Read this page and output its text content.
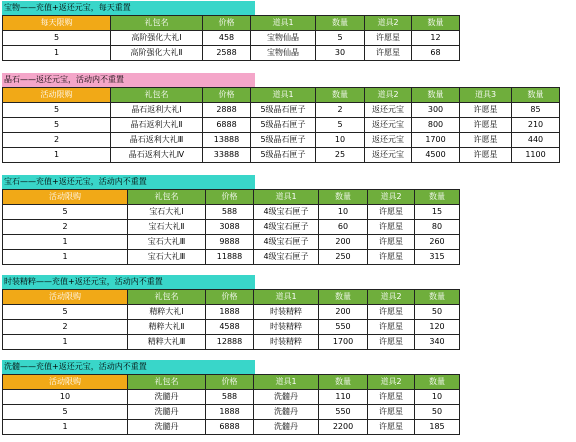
宝物——充值+返还元宝，每天重置
每天限购	礼包名	价格	道具1	数量	道具2	数量
5	高阶强化大礼Ⅰ	458	宝物仙晶	5	许愿星	12
1	高阶强化大礼Ⅱ	2588	宝物仙晶	30	许愿星	68
晶石——返还元宝，活动内不重置
活动限购	礼包名	价格	道具1	数量	道具2	数量	道具3	数量
5	晶石返利大礼Ⅰ	2888	5级晶石匣子	2	返还元宝	300	许愿星	85
5	晶石返利大礼Ⅱ	6888	5级晶石匣子	5	返还元宝	800	许愿星	210
2	晶石返利大礼Ⅲ	13888	5级晶石匣子	10	返还元宝	1700	许愿星	440
1	晶石返利大礼Ⅳ	33888	5级晶石匣子	25	返还元宝	4500	许愿星	1100
宝石——充值+返还元宝，活动内不重置
活动限购	礼包名	价格	道具1	数量	道具2	数量
5	宝石大礼Ⅰ	588	4级宝石匣子	10	许愿星	15
2	宝石大礼Ⅱ	3088	4级宝石匣子	60	许愿星	80
1	宝石大礼Ⅲ	9888	4级宝石匣子	200	许愿星	260
1	宝石大礼Ⅲ	11888	4级宝石匣子	250	许愿星	315
时装精粹——充值+返还元宝，活动内不重置
活动限购	礼包名	价格	道具1	数量	道具2	数量
5	精粹大礼Ⅰ	1888	时装精粹	200	许愿星	50
2	精粹大礼Ⅱ	4588	时装精粹	550	许愿星	120
1	精粹大礼Ⅲ	12888	时装精粹	1700	许愿星	340
洗髓——充值+返还元宝，活动内不重置
活动限购	礼包名	价格	道具1	数量	道具2	数量
10	洗髓丹	588	洗髓丹	110	许愿星	10
5	洗髓丹	1888	洗髓丹	550	许愿星	50
1	洗髓丹	6888	洗髓丹	2200	许愿星	185
